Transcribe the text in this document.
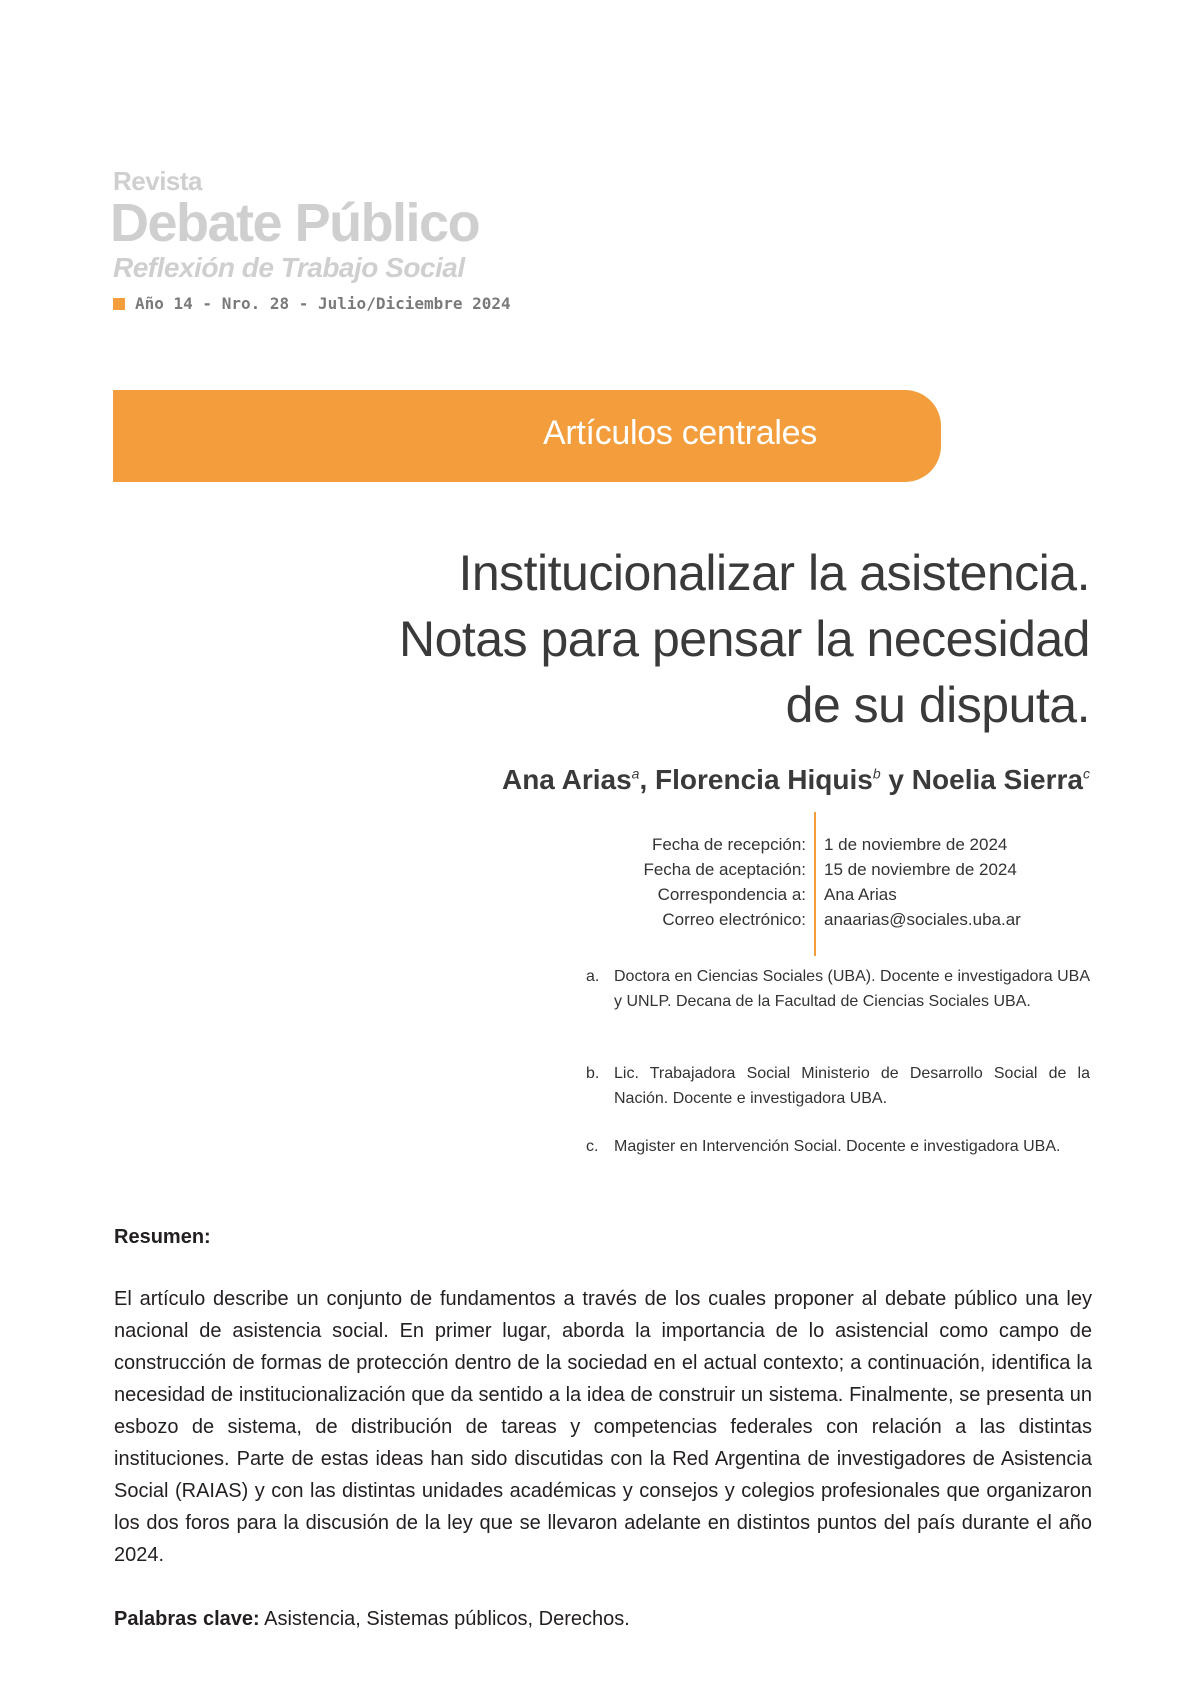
Revista
Debate Público
Reflexión de Trabajo Social
Año 14 - Nro. 28 - Julio/Diciembre 2024
Artículos centrales
Institucionalizar la asistencia.
Notas para pensar la necesidad
de su disputa.
Ana Arias$^a$, Florencia Hiquis$^b$ y Noelia Sierra$^c$
Fecha de recepción:
Fecha de aceptación:
Correspondencia a:
Correo electrónico:
1 de noviembre de 2024
15 de noviembre de 2024
Ana Arias
anaarias@sociales.uba.ar
a. Doctora en Ciencias Sociales (UBA). Docente e investigadora UBA y UNLP. Decana de la Facultad de Ciencias Sociales UBA.
b. Lic. Trabajadora Social Ministerio de Desarrollo Social de la Nación. Docente e investigadora UBA.
c. Magister en Intervención Social. Docente e investigadora UBA.
Resumen:

El artículo describe un conjunto de fundamentos a través de los cuales proponer al debate público una ley nacional de asistencia social. En primer lugar, aborda la importancia de lo asistencial como campo de construcción de formas de protección dentro de la sociedad en el actual contexto; a continuación, identifica la necesidad de institucionalización que da sentido a la idea de construir un sistema. Finalmente, se presenta un esbozo de sistema, de distribución de tareas y competencias federales con relación a las distintas instituciones. Parte de estas ideas han sido discutidas con la Red Argentina de investigadores de Asistencia Social (RAIAS) y con las distintas unidades académicas y consejos y colegios profesionales que organizaron los dos foros para la discusión de la ley que se llevaron adelante en distintos puntos del país durante el año 2024.

Palabras clave: Asistencia, Sistemas públicos, Derechos.
